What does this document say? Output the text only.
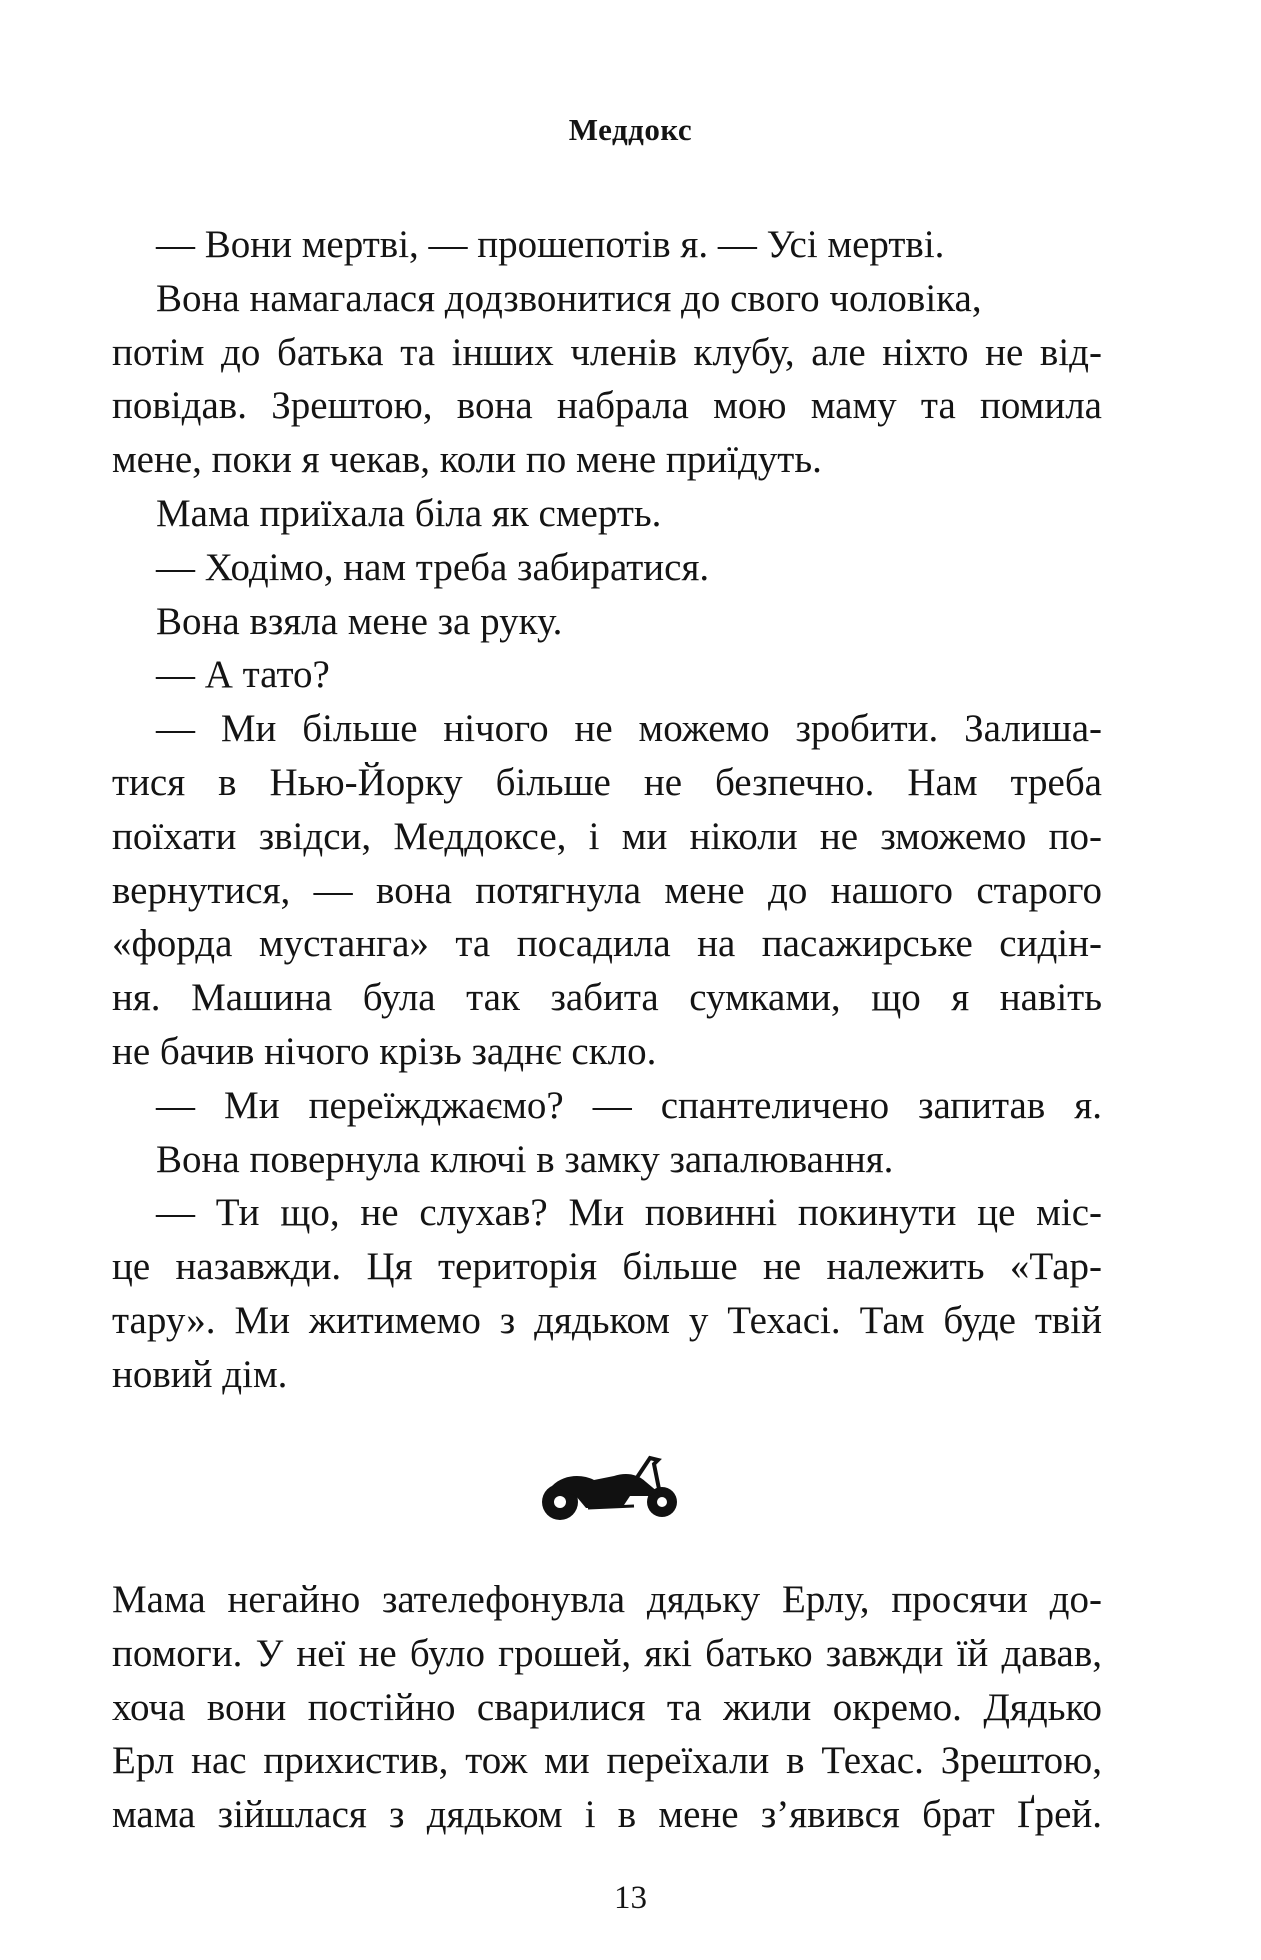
Меддокс
— Вони мертві, — прошепотів я. — Усі мертві.
Вона намагалася додзвонитися до свого чоловіка,
потім до батька та інших членів клубу, але ніхто не від-
повідав. Зрештою, вона набрала мою маму та помила
мене, поки я чекав, коли по мене приїдуть.
Мама приїхала біла як смерть.
— Ходімо, нам треба забиратися.
Вона взяла мене за руку.
— А тато?
— Ми більше нічого не можемо зробити. Залиша-
тися в Нью-Йорку більше не безпечно. Нам треба
поїхати звідси, Меддоксе, і ми ніколи не зможемо по-
вернутися, — вона потягнула мене до нашого старого
«форда мустанга» та посадила на пасажирське сидін-
ня. Машина була так забита сумками, що я навіть
не бачив нічого крізь заднє скло.
— Ми переїжджаємо? — спантеличено запитав я.
Вона повернула ключі в замку запалювання.
— Ти що, не слухав? Ми повинні покинути це міс-
це назавжди. Ця територія більше не належить «Тар-
тару». Ми житимемо з дядьком у Техасі. Там буде твій
новий дім.
Мама негайно зателефонувла дядьку Ерлу, просячи до-
помоги. У неї не було грошей, які батько завжди їй давав,
хоча вони постійно сварилися та жили окремо. Дядько
Ерл нас прихистив, тож ми переїхали в Техас. Зрештою,
мама зійшлася з дядьком і в мене з’явився брат Ґрей.
13
